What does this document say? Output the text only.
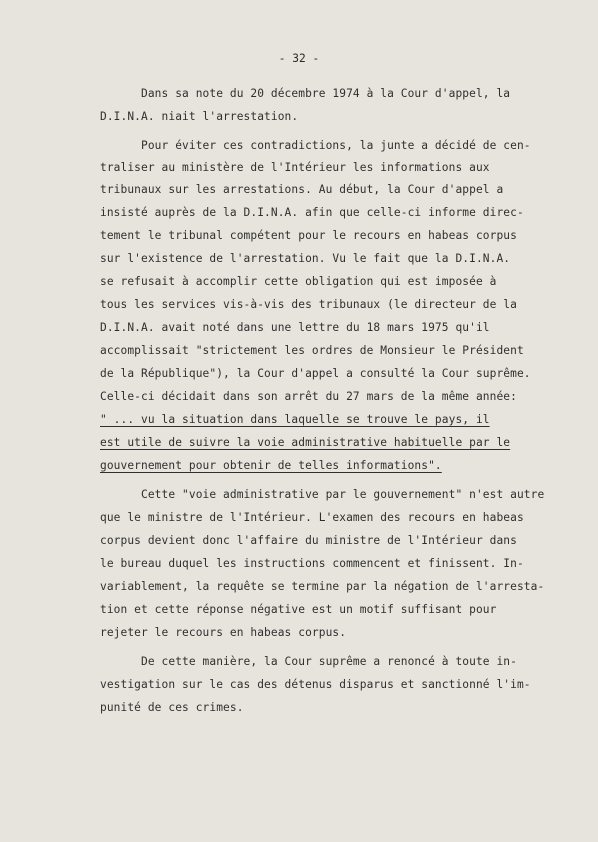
- 32 -

Dans sa note du 20 décembre 1974 à la Cour d'appel, la

D.I.N.A. niait l'arrestation.

Pour éviter ces contradictions, la junte a décidé de cen-

traliser au ministère de l'Intérieur les informations aux

tribunaux sur les arrestations. Au début, la Cour d'appel a

insisté auprès de la D.I.N.A. afin que celle-ci informe direc-

tement le tribunal compétent pour le recours en habeas corpus

sur l'existence de l'arrestation. Vu le fait que la D.I.N.A.

se refusait à accomplir cette obligation qui est imposée à

tous les services vis-à-vis des tribunaux (le directeur de la

D.I.N.A. avait noté dans une lettre du 18 mars 1975 qu'il

accomplissait "strictement les ordres de Monsieur le Président

de la République"), la Cour d'appel a consulté la Cour suprême.

Celle-ci décidait dans son arrêt du 27 mars de la même année:

" ... vu la situation dans laquelle se trouve le pays, il

est utile de suivre la voie administrative habituelle par le

gouvernement pour obtenir de telles informations".

Cette "voie administrative par le gouvernement" n'est autre

que le ministre de l'Intérieur. L'examen des recours en habeas

corpus devient donc l'affaire du ministre de l'Intérieur dans

le bureau duquel les instructions commencent et finissent. In-

variablement, la requête se termine par la négation de l'arresta-

tion et cette réponse négative est un motif suffisant pour

rejeter le recours en habeas corpus.

De cette manière, la Cour suprême a renoncé à toute in-

vestigation sur le cas des détenus disparus et sanctionné l'im-

punité de ces crimes.
